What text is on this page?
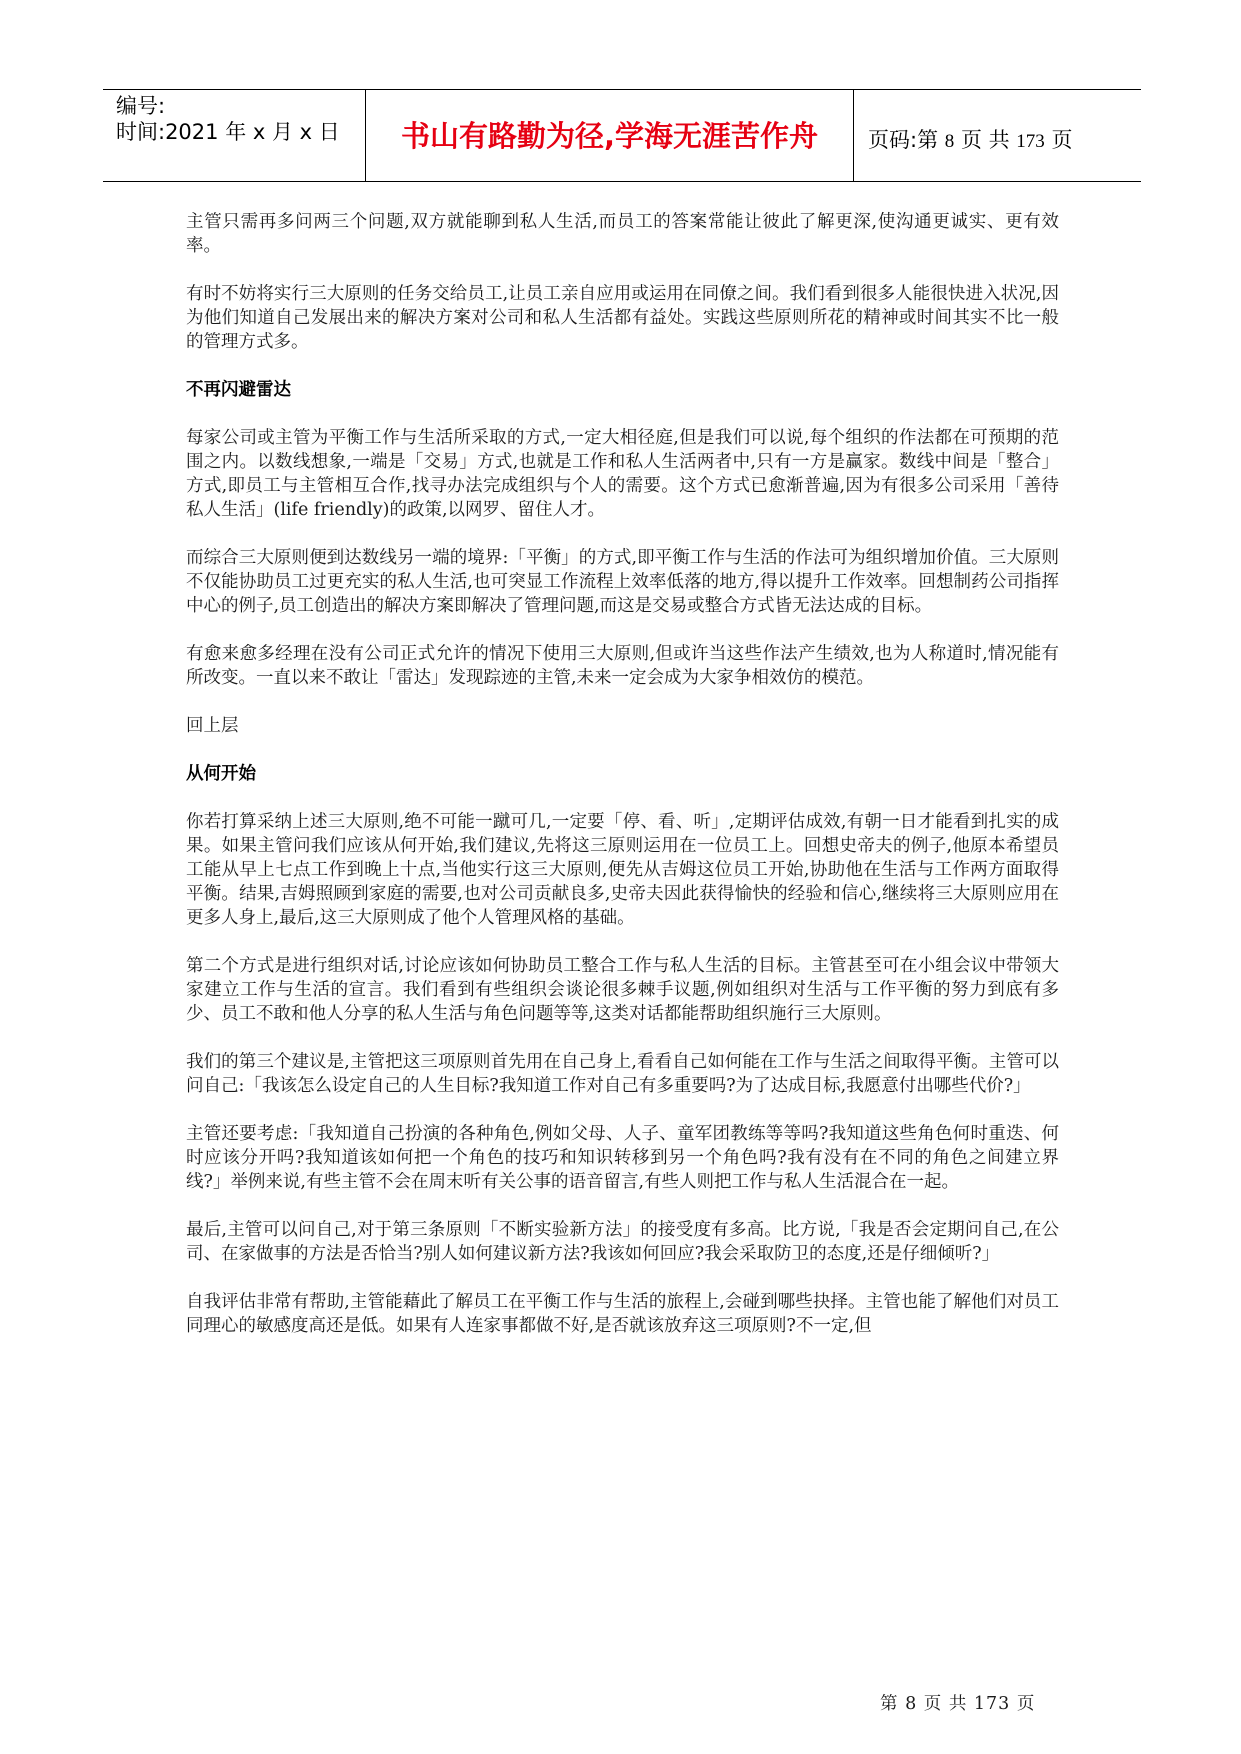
编号:
时间:2021 年 x 月 x 日	书山有路勤为径,学海无涯苦作舟	页码:第 8 页 共 173 页

主管只需再多问两三个问题,双方就能聊到私人生活,而员工的答案常能让彼此了解更深,使沟通更诚实、更有效率。

有时不妨将实行三大原则的任务交给员工,让员工亲自应用或运用在同僚之间。我们看到很多人能很快进入状况,因为他们知道自己发展出来的解决方案对公司和私人生活都有益处。实践这些原则所花的精神或时间其实不比一般的管理方式多。

不再闪避雷达

每家公司或主管为平衡工作与生活所采取的方式,一定大相径庭,但是我们可以说,每个组织的作法都在可预期的范围之内。以数线想象,一端是「交易」方式,也就是工作和私人生活两者中,只有一方是赢家。数线中间是「整合」方式,即员工与主管相互合作,找寻办法完成组织与个人的需要。这个方式已愈渐普遍,因为有很多公司采用「善待私人生活」(life friendly)的政策,以网罗、留住人才。

而综合三大原则便到达数线另一端的境界:「平衡」的方式,即平衡工作与生活的作法可为组织增加价值。三大原则不仅能协助员工过更充实的私人生活,也可突显工作流程上效率低落的地方,得以提升工作效率。回想制药公司指挥中心的例子,员工创造出的解决方案即解决了管理问题,而这是交易或整合方式皆无法达成的目标。

有愈来愈多经理在没有公司正式允许的情况下使用三大原则,但或许当这些作法产生绩效,也为人称道时,情况能有所改变。一直以来不敢让「雷达」发现踪迹的主管,未来一定会成为大家争相效仿的模范。

回上层

从何开始

你若打算采纳上述三大原则,绝不可能一蹴可几,一定要「停、看、听」,定期评估成效,有朝一日才能看到扎实的成果。如果主管问我们应该从何开始,我们建议,先将这三原则运用在一位员工上。回想史帝夫的例子,他原本希望员工能从早上七点工作到晚上十点,当他实行这三大原则,便先从吉姆这位员工开始,协助他在生活与工作两方面取得平衡。结果,吉姆照顾到家庭的需要,也对公司贡献良多,史帝夫因此获得愉快的经验和信心,继续将三大原则应用在更多人身上,最后,这三大原则成了他个人管理风格的基础。

第二个方式是进行组织对话,讨论应该如何协助员工整合工作与私人生活的目标。主管甚至可在小组会议中带领大家建立工作与生活的宣言。我们看到有些组织会谈论很多棘手议题,例如组织对生活与工作平衡的努力到底有多少、员工不敢和他人分享的私人生活与角色问题等等,这类对话都能帮助组织施行三大原则。

我们的第三个建议是,主管把这三项原则首先用在自己身上,看看自己如何能在工作与生活之间取得平衡。主管可以问自己:「我该怎么设定自己的人生目标?我知道工作对自己有多重要吗?为了达成目标,我愿意付出哪些代价?」

主管还要考虑:「我知道自己扮演的各种角色,例如父母、人子、童军团教练等等吗?我知道这些角色何时重迭、何时应该分开吗?我知道该如何把一个角色的技巧和知识转移到另一个角色吗?我有没有在不同的角色之间建立界线?」举例来说,有些主管不会在周末听有关公事的语音留言,有些人则把工作与私人生活混合在一起。

最后,主管可以问自己,对于第三条原则「不断实验新方法」的接受度有多高。比方说,「我是否会定期问自己,在公司、在家做事的方法是否恰当?别人如何建议新方法?我该如何回应?我会采取防卫的态度,还是仔细倾听?」

自我评估非常有帮助,主管能藉此了解员工在平衡工作与生活的旅程上,会碰到哪些抉择。主管也能了解他们对员工同理心的敏感度高还是低。如果有人连家事都做不好,是否就该放弃这三项原则?不一定,但

第 8 页 共 173 页
